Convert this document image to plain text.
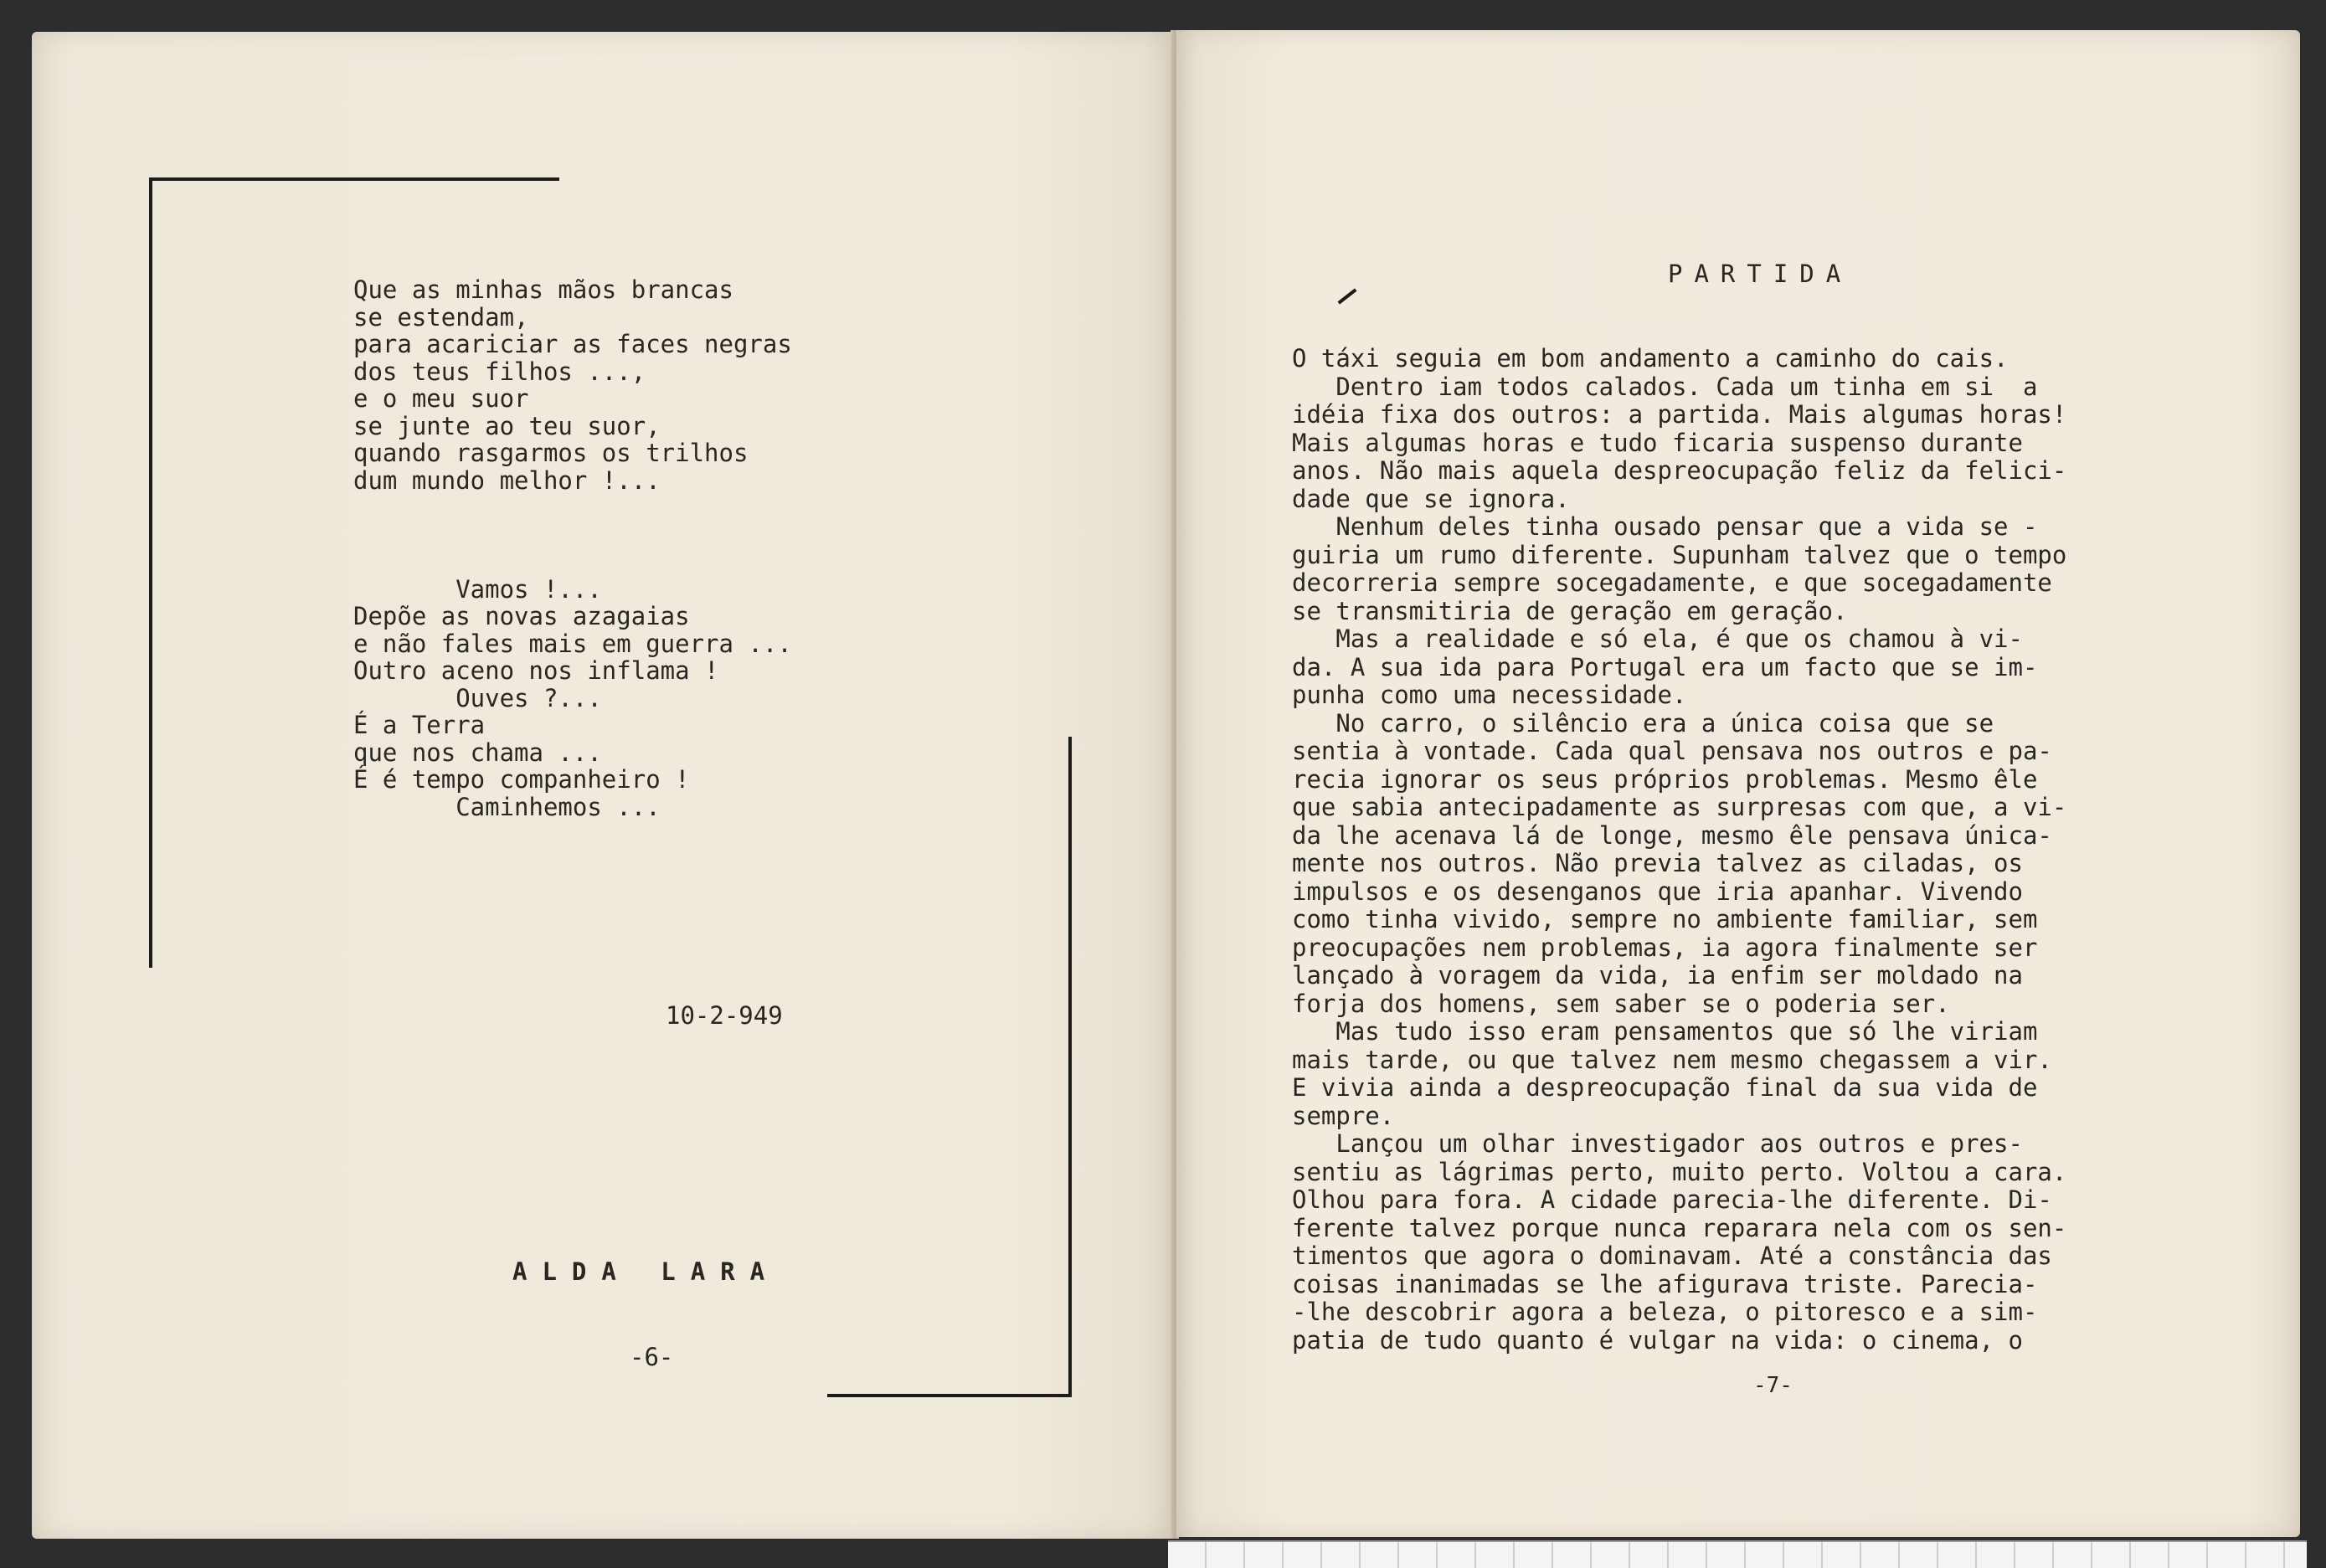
Que as minhas mãos brancas
se estendam,
para acariciar as faces negras
dos teus filhos ...,
e o meu suor
se junte ao teu suor,
quando rasgarmos os trilhos
dum mundo melhor !...

Vamos !...
Depõe as novas azagaias
e não fales mais em guerra ...
Outro aceno nos inflama !
Ouves ?...
É a Terra
que nos chama ...
É é tempo companheiro !
Caminhemos ...
10-2-949
ALDA LARA
-6-
PARTIDA
O táxi seguia em bom andamento a caminho do cais.
Dentro iam todos calados. Cada um tinha em si  a
idéia fixa dos outros: a partida. Mais algumas horas!
Mais algumas horas e tudo ficaria suspenso durante
anos. Não mais aquela despreocupação feliz da felici-
dade que se ignora.
Nenhum deles tinha ousado pensar que a vida se -
guiria um rumo diferente. Supunham talvez que o tempo
decorreria sempre socegadamente, e que socegadamente
se transmitiria de geração em geração.
Mas a realidade e só ela, é que os chamou à vi-
da. A sua ida para Portugal era um facto que se im-
punha como uma necessidade.
No carro, o silêncio era a única coisa que se
sentia à vontade. Cada qual pensava nos outros e pa-
recia ignorar os seus próprios problemas. Mesmo êle
que sabia antecipadamente as surpresas com que, a vi-
da lhe acenava lá de longe, mesmo êle pensava única-
mente nos outros. Não previa talvez as ciladas, os
impulsos e os desenganos que iria apanhar. Vivendo
como tinha vivido, sempre no ambiente familiar, sem
preocupações nem problemas, ia agora finalmente ser
lançado à voragem da vida, ia enfim ser moldado na
forja dos homens, sem saber se o poderia ser.
Mas tudo isso eram pensamentos que só lhe viriam
mais tarde, ou que talvez nem mesmo chegassem a vir.
E vivia ainda a despreocupação final da sua vida de
sempre.
Lançou um olhar investigador aos outros e pres-
sentiu as lágrimas perto, muito perto. Voltou a cara.
Olhou para fora. A cidade parecia-lhe diferente. Di-
ferente talvez porque nunca reparara nela com os sen-
timentos que agora o dominavam. Até a constância das
coisas inanimadas se lhe afigurava triste. Parecia-
-lhe descobrir agora a beleza, o pitoresco e a sim-
patia de tudo quanto é vulgar na vida: o cinema, o
-7-
